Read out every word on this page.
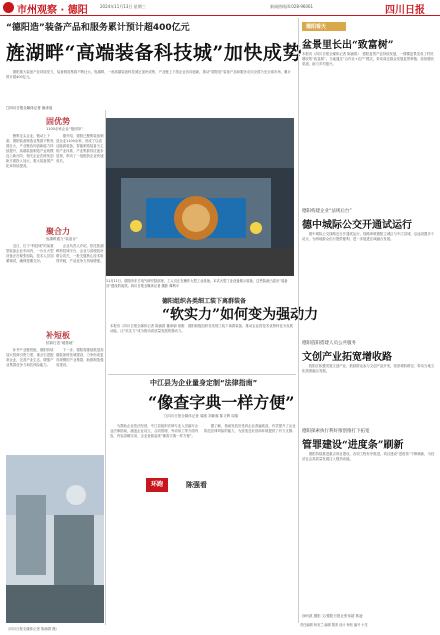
市州观察 · 德阳	2024年11月13日 星期三	新闻热线/4:028-96061	四川日报
“德阳造”装备产品和服务累计预计超400亿元
旌湖畔“高端装备科技城”加快成势
　　德阳重大装备产业持续发力，装备制造集群不断壮大。旌湖畔，一座高端装备科技城正加快成势，产业链上下游企业协同创新，推动“德阳造”装备产品和服务走向全国乃至全球市场，累计预计超400亿元。
□四川日报全媒体记者 唐泽溶
固优势
1100余家企业“抱团冲”
　　聚集龙头企业，链动上下游，德阳装备制造业集群不断发展壮大，产业链协同创新能力持续提升，高端装备制造产业规模迈上新台阶，相关企业在研发创新方面投入加大，重大装备国产化率持续提高。
　　据介绍，德阳已聚集装备制造企业1100余家，形成了以清洁能源装备、智能制造装备为主的产业体系，产业集群效应逐步显现，带动了一批配套企业快速成长。
聚合力
旌湖畔通力“装备谷”
　　近日，位于“科技城”的某重型装备企业车间内，一台台大型设备正在紧张组装，技术人员加紧调试，确保按期交付。
　　企业负责人介绍，依托旌湖畔科技城平台，企业与高校院所联合攻关，一批关键核心技术取得突破，产品竞争力持续增强。
补短板
招商打造“硬基地”
　　补齐产业链短板，德阳持续加大招商引资力度，重点引进配套企业，完善产业生态，增强产业集群竞争力和抗风险能力。
　　下一步，德阳将继续推进高端装备科技城建设，力争形成更具规模的产业集群，助推制造强省建设。
（四川日报全媒体记者 陈涌群 摄）
11月11日，德阳市东方电气研究院部里，工人们正在操作大型工业设备。本次大型工业设备展示装备，这些装备凸显出“装备谷”建设的成效。四川日报全媒体记者 摄影 谭利平
德阳组织各类细工装下离群装备
“软实力”如何变为强动力
本报讯（四川日报全媒体记者 陈涌群 董承朝 周刚　德阳积极组织各类细工装下离群装备，推动企业将技术优势转化为发展动能，让“软实力”成为推动高质量发展的强动力。
中江县为企业量身定制“法律指南”
“像查字典一样方便”
□四川日报全媒体记者 周刚 刘颖蓉 陈义辉 周翔
环跑	陈强看
　　为帮助企业依法经营，中江县组织法律专业人员编写企业法律指南，涵盖企业设立、合同管理、劳动用工等方面内容，内容清晰实用，企业查阅起来“像查字典一样方便”。
　　据了解，指南发放后受到企业普遍欢迎，有效提升了企业防范法律风险的能力，为营造良好营商环境提供了有力支撑。
德阳看天
盆景里长出“致富树”
本报讯（四川日报全媒体记者 陈涌群）　德阳盆景产业持续发展，一棵棵盆景变成了村民增收的“致富树”。当地通过“合作社+农户”模式，带动周边群众发展盆景种植，拓宽增收渠道，助力乡村振兴。
德阳构建企业“法规后台”
德中城际公交开通试运行
　　德中城际公交线路近日开通试运行，线路串联德阳主城区与中江县城，沿途设置多个站点，为两地群众出行提供便利，进一步促进区域融合发展。
德阳旌阳搭建人员公共服务
文创产业拓宽增收路
　　旌阳区积极发展文创产业，鼓励群众参与文创产品开发，拓宽增收路径，带动当地文化旅游融合发展。
德阳探索执行利好推创推打下拓宽
管罪建设“进度条”刷新
　　德阳持续推进重点项目建设，各项工程有序推进，项目建设“进度条”不断刷新，为经济社会高质量发展注入强劲动能。
涂昕凯 摄影 文/德阳日报社张伟超 林凌
责任编辑 杨发兰 编辑 黎美 设计 杨松 编号 小龙
